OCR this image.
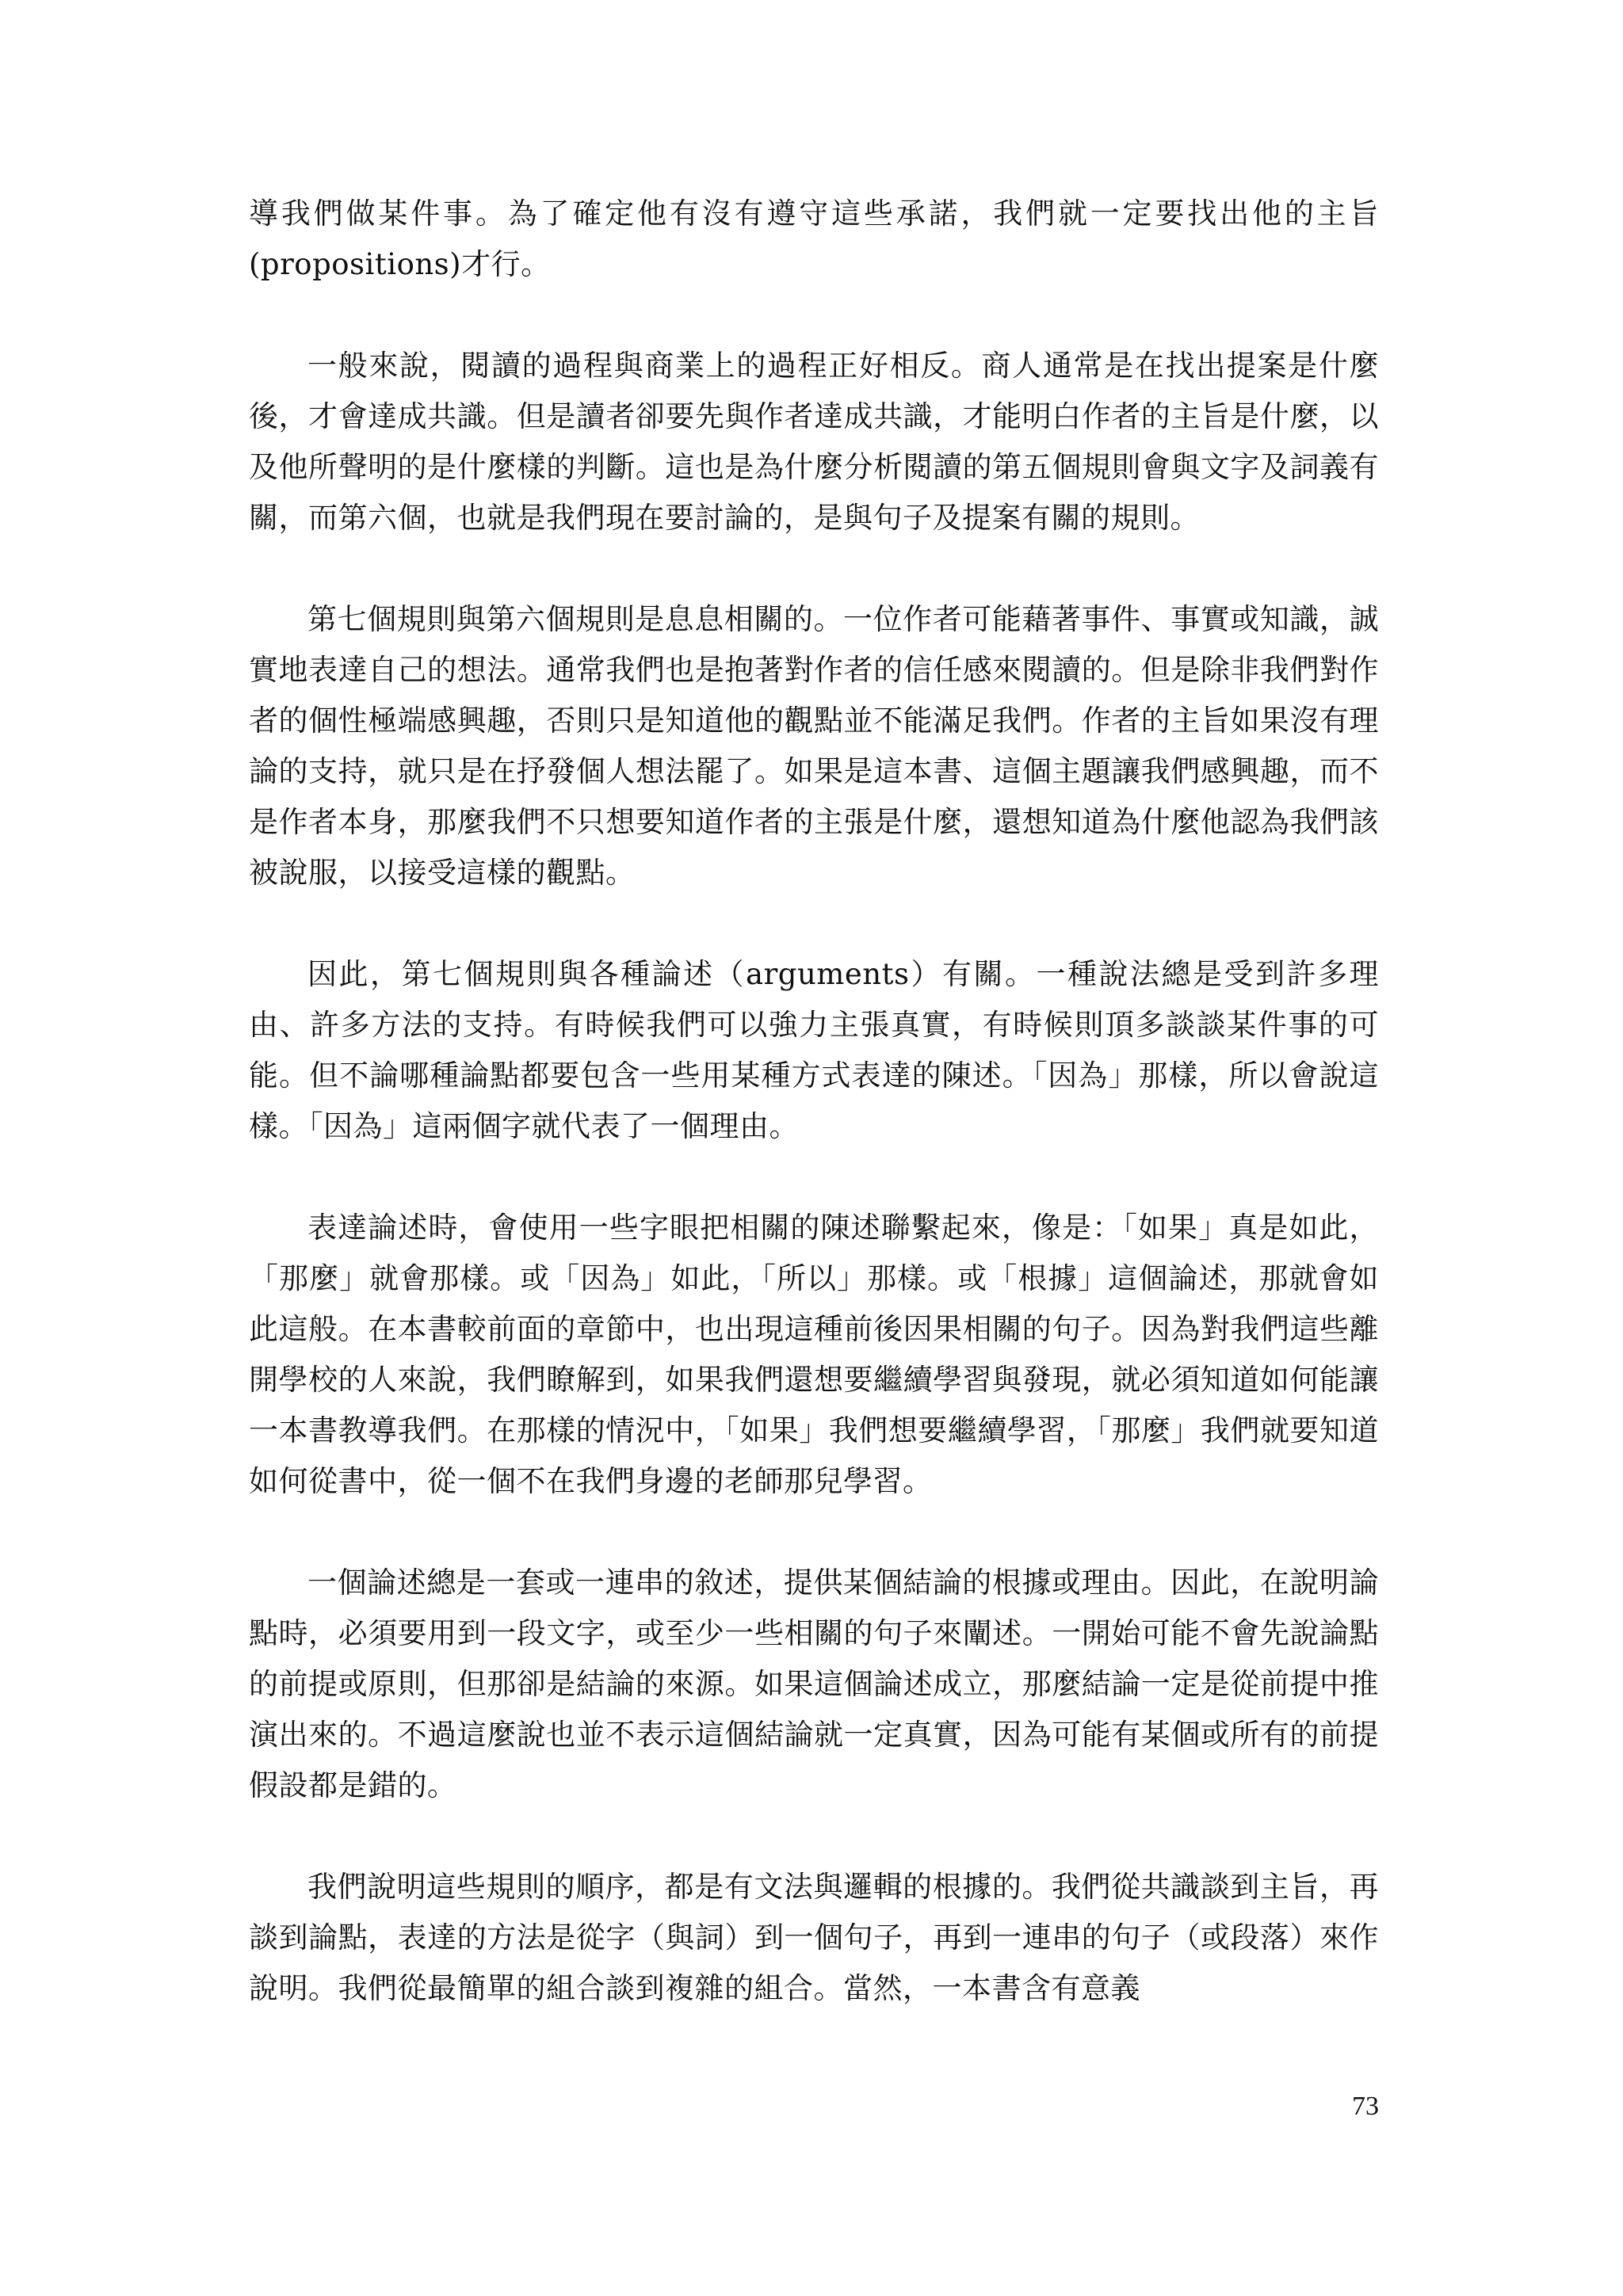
導我們做某件事。為了確定他有沒有遵守這些承諾，我們就一定要找出他的主旨(propositions)才行。

一般來說，閱讀的過程與商業上的過程正好相反。商人通常是在找出提案是什麼後，才會達成共識。但是讀者卻要先與作者達成共識，才能明白作者的主旨是什麼，以及他所聲明的是什麼樣的判斷。這也是為什麼分析閱讀的第五個規則會與文字及詞義有關，而第六個，也就是我們現在要討論的，是與句子及提案有關的規則。

第七個規則與第六個規則是息息相關的。一位作者可能藉著事件、事實或知識，誠實地表達自己的想法。通常我們也是抱著對作者的信任感來閱讀的。但是除非我們對作者的個性極端感興趣，否則只是知道他的觀點並不能滿足我們。作者的主旨如果沒有理論的支持，就只是在抒發個人想法罷了。如果是這本書、這個主題讓我們感興趣，而不是作者本身，那麼我們不只想要知道作者的主張是什麼，還想知道為什麼他認為我們該被說服，以接受這樣的觀點。

因此，第七個規則與各種論述（arguments）有關。一種說法總是受到許多理由、許多方法的支持。有時候我們可以強力主張真實，有時候則頂多談談某件事的可能。但不論哪種論點都要包含一些用某種方式表達的陳述。「因為」那樣，所以會說這樣。「因為」這兩個字就代表了一個理由。

表達論述時，會使用一些字眼把相關的陳述聯繫起來，像是：「如果」真是如此，「那麼」就會那樣。或「因為」如此，「所以」那樣。或「根據」這個論述，那就會如此這般。在本書較前面的章節中，也出現這種前後因果相關的句子。因為對我們這些離開學校的人來說，我們瞭解到，如果我們還想要繼續學習與發現，就必須知道如何能讓一本書教導我們。在那樣的情況中，「如果」我們想要繼續學習，「那麼」我們就要知道如何從書中，從一個不在我們身邊的老師那兒學習。

一個論述總是一套或一連串的敘述，提供某個結論的根據或理由。因此，在說明論點時，必須要用到一段文字，或至少一些相關的句子來闡述。一開始可能不會先說論點的前提或原則，但那卻是結論的來源。如果這個論述成立，那麼結論一定是從前提中推演出來的。不過這麼說也並不表示這個結論就一定真實，因為可能有某個或所有的前提假設都是錯的。

我們說明這些規則的順序，都是有文法與邏輯的根據的。我們從共識談到主旨，再談到論點，表達的方法是從字（與詞）到一個句子，再到一連串的句子（或段落）來作說明。我們從最簡單的組合談到複雜的組合。當然，一本書含有意義

73
